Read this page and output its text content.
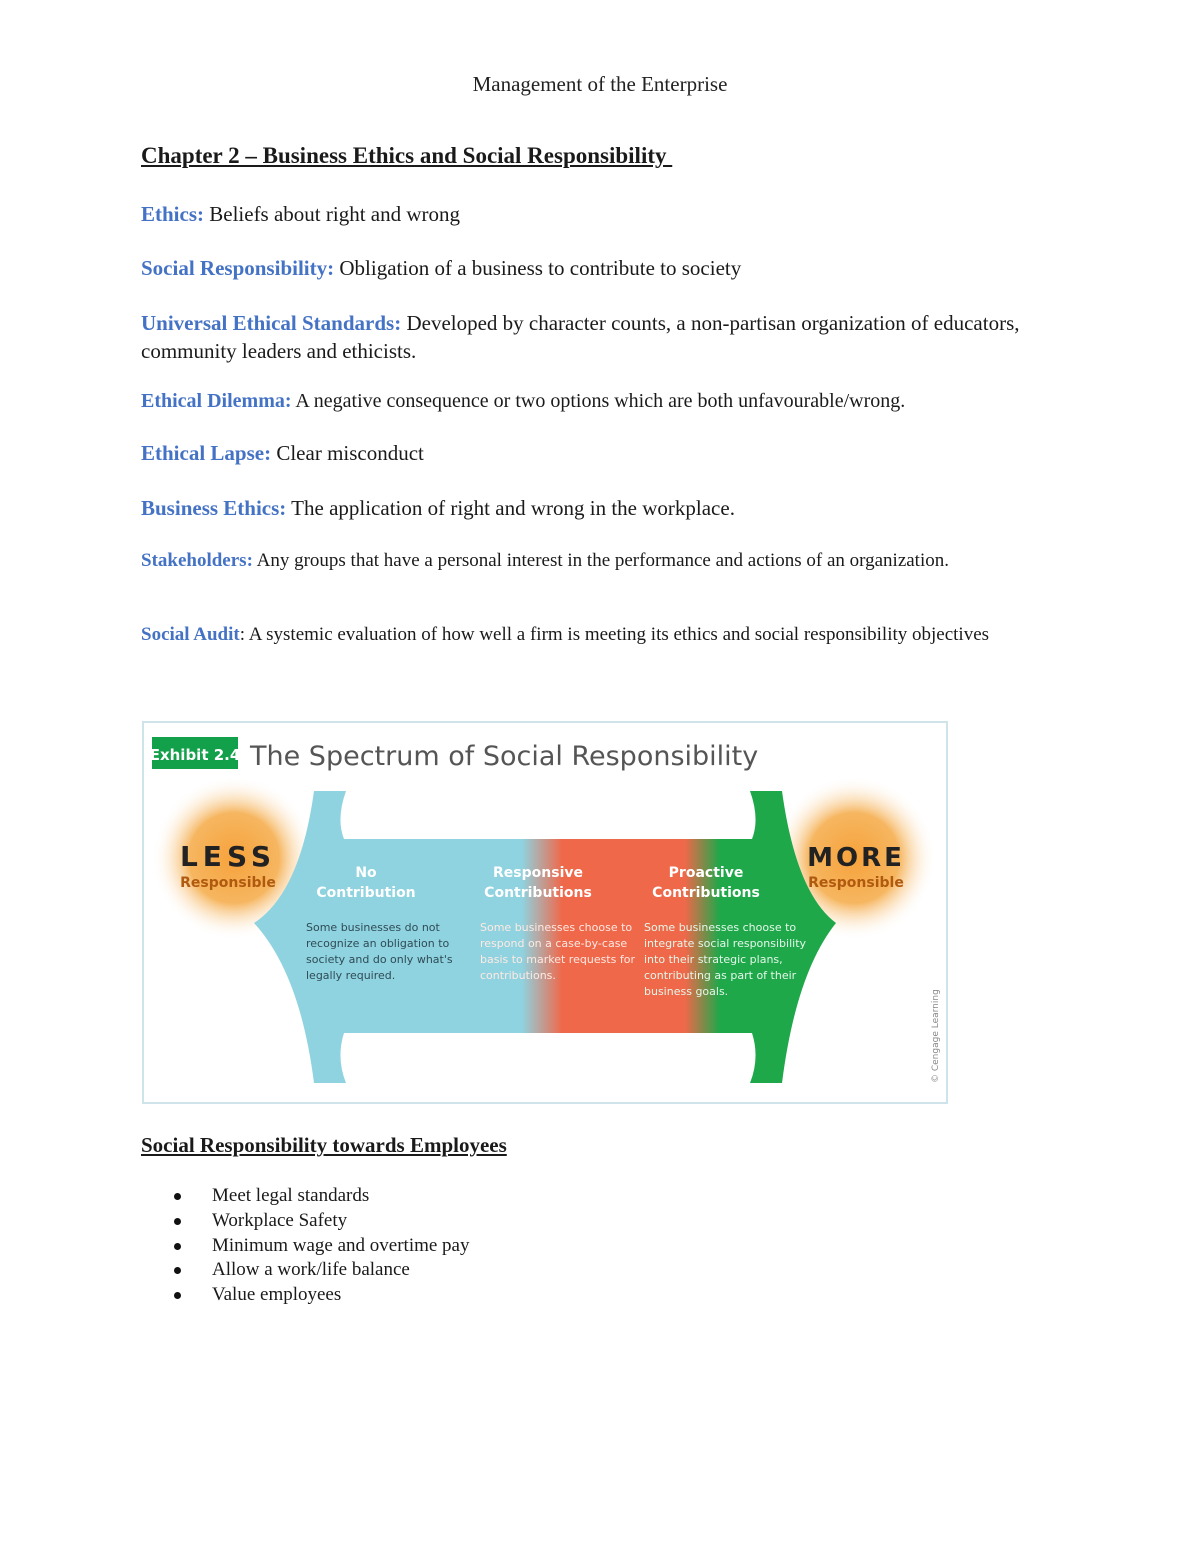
Management of the Enterprise
Chapter 2 – Business Ethics and Social Responsibility
Ethics: Beliefs about right and wrong
Social Responsibility: Obligation of a business to contribute to society
Universal Ethical Standards: Developed by character counts, a non-partisan organization of educators, community leaders and ethicists.
Ethical Dilemma: A negative consequence or two options which are both unfavourable/wrong.
Ethical Lapse: Clear misconduct
Business Ethics: The application of right and wrong in the workplace.
Stakeholders: Any groups that have a personal interest in the performance and actions of an organization.
Social Audit: A systemic evaluation of how well a firm is meeting its ethics and social responsibility objectives
Exhibit 2.4 The Spectrum of Social Responsibility
LESS
Responsible
MORE
Responsible
No
Contribution
Some businesses do not
recognize an obligation to
society and do only what's
legally required.
Responsive
Contributions
Some businesses choose to
respond on a case-by-case
basis to market requests for
contributions.
Proactive
Contributions
Some businesses choose to
integrate social responsibility
into their strategic plans,
contributing as part of their
business goals.	© Cengage Learning
Social Responsibility towards Employees
Meet legal standards
Workplace Safety
Minimum wage and overtime pay
Allow a work/life balance
Value employees
